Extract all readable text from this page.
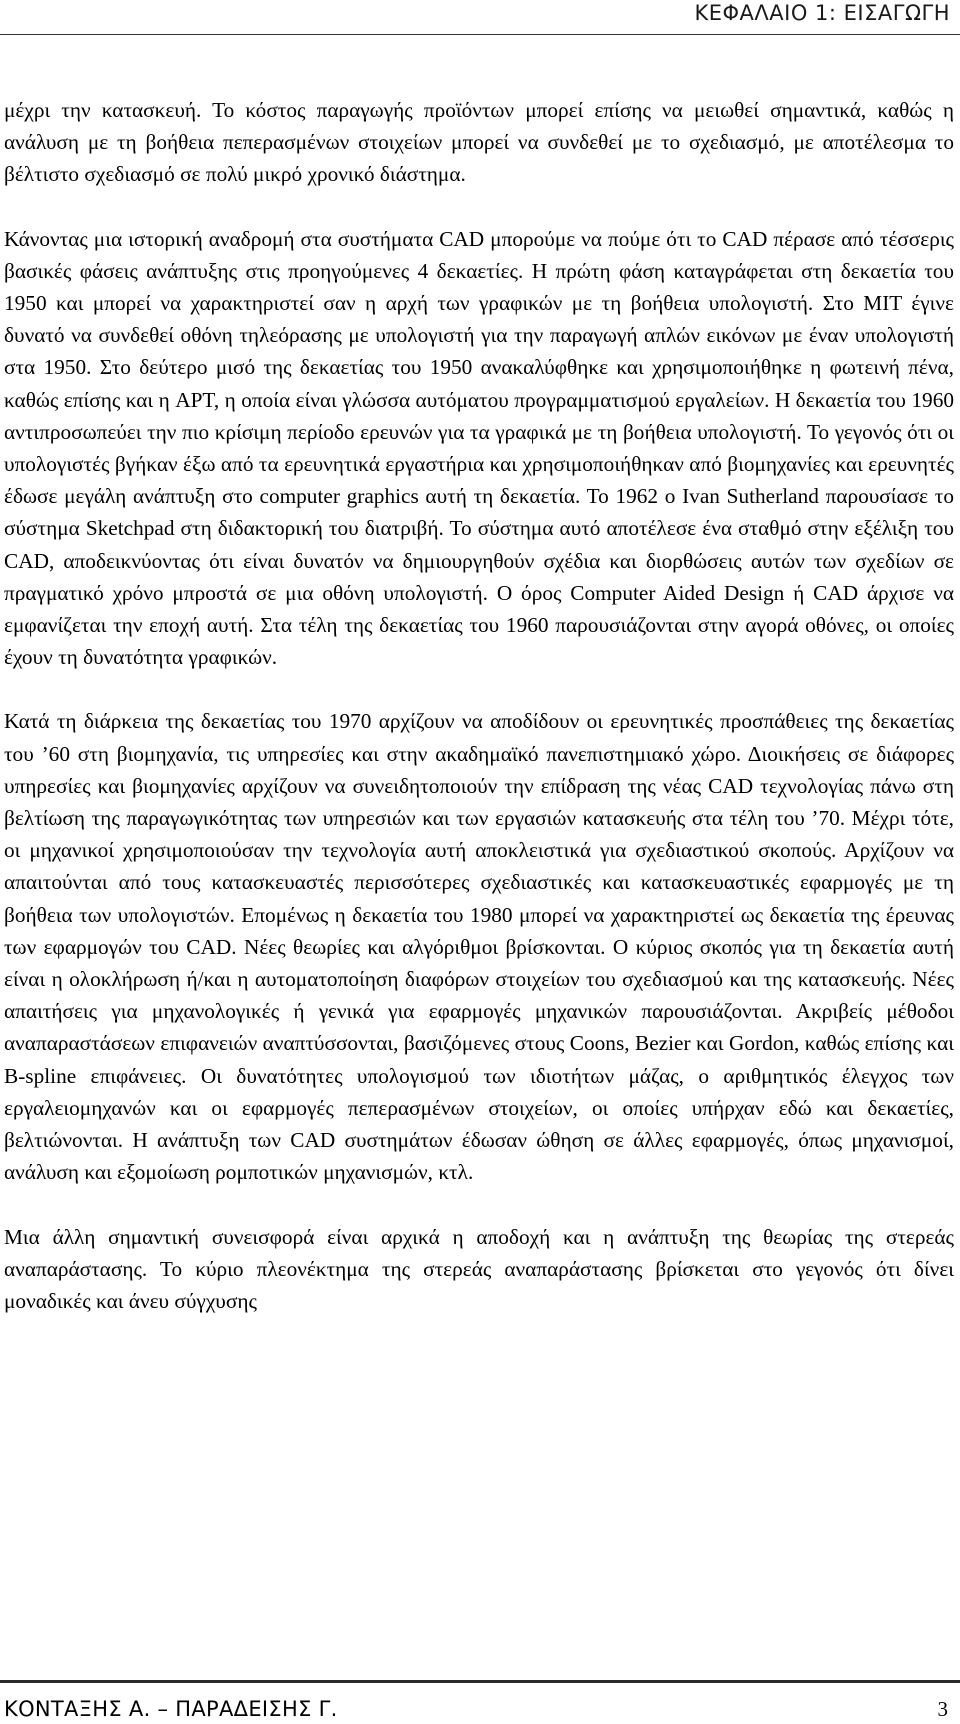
ΚΕΦΑΛΑΙΟ 1: ΕΙΣΑΓΩΓΗ

μέχρι την κατασκευή. Το κόστος παραγωγής προϊόντων μπορεί επίσης να μειωθεί σημαντικά, καθώς η ανάλυση με τη βοήθεια πεπερασμένων στοιχείων μπορεί να συνδεθεί με το σχεδιασμό, με αποτέλεσμα το βέλτιστο σχεδιασμό σε πολύ μικρό χρονικό διάστημα.

Κάνοντας μια ιστορική αναδρομή στα συστήματα CAD μπορούμε να πούμε ότι το CAD πέρασε από τέσσερις βασικές φάσεις ανάπτυξης στις προηγούμενες 4 δεκαετίες. Η πρώτη φάση καταγράφεται στη δεκαετία του 1950 και μπορεί να χαρακτηριστεί σαν η αρχή των γραφικών με τη βοήθεια υπολογιστή. Στο MIT έγινε δυνατό να συνδεθεί οθόνη τηλεόρασης με υπολογιστή για την παραγωγή απλών εικόνων με έναν υπολογιστή στα 1950. Στο δεύτερο μισό της δεκαετίας του 1950 ανακαλύφθηκε και χρησιμοποιήθηκε η φωτεινή πένα, καθώς επίσης και η APT, η οποία είναι γλώσσα αυτόματου προγραμματισμού εργαλείων. Η δεκαετία του 1960 αντιπροσωπεύει την πιο κρίσιμη περίοδο ερευνών για τα γραφικά με τη βοήθεια υπολογιστή. Το γεγονός ότι οι υπολογιστές βγήκαν έξω από τα ερευνητικά εργαστήρια και χρησιμοποιήθηκαν από βιομηχανίες και ερευνητές έδωσε μεγάλη ανάπτυξη στο computer graphics αυτή τη δεκαετία. Το 1962 ο Ivan Sutherland παρουσίασε το σύστημα Sketchpad στη διδακτορική του διατριβή. Το σύστημα αυτό αποτέλεσε ένα σταθμό στην εξέλιξη του CAD, αποδεικνύοντας ότι είναι δυνατόν να δημιουργηθούν σχέδια και διορθώσεις αυτών των σχεδίων σε πραγματικό χρόνο μπροστά σε μια οθόνη υπολογιστή. Ο όρος Computer Aided Design ή CAD άρχισε να εμφανίζεται την εποχή αυτή. Στα τέλη της δεκαετίας του 1960 παρουσιάζονται στην αγορά οθόνες, οι οποίες έχουν τη δυνατότητα γραφικών.

Κατά τη διάρκεια της δεκαετίας του 1970 αρχίζουν να αποδίδουν οι ερευνητικές προσπάθειες της δεκαετίας του ’60 στη βιομηχανία, τις υπηρεσίες και στην ακαδημαϊκό πανεπιστημιακό χώρο. Διοικήσεις σε διάφορες υπηρεσίες και βιομηχανίες αρχίζουν να συνειδητοποιούν την επίδραση της νέας CAD τεχνολογίας πάνω στη βελτίωση της παραγωγικότητας των υπηρεσιών και των εργασιών κατασκευής στα τέλη του ’70. Μέχρι τότε, οι μηχανικοί χρησιμοποιούσαν την τεχνολογία αυτή αποκλειστικά για σχεδιαστικού σκοπούς. Αρχίζουν να απαιτούνται από τους κατασκευαστές περισσότερες σχεδιαστικές και κατασκευαστικές εφαρμογές με τη βοήθεια των υπολογιστών. Επομένως η δεκαετία του 1980 μπορεί να χαρακτηριστεί ως δεκαετία της έρευνας των εφαρμογών του CAD. Νέες θεωρίες και αλγόριθμοι βρίσκονται. Ο κύριος σκοπός για τη δεκαετία αυτή είναι η ολοκλήρωση ή/και η αυτοματοποίηση διαφόρων στοιχείων του σχεδιασμού και της κατασκευής. Νέες απαιτήσεις για μηχανολογικές ή γενικά για εφαρμογές μηχανικών παρουσιάζονται. Ακριβείς μέθοδοι αναπαραστάσεων επιφανειών αναπτύσσονται, βασιζόμενες στους Coons, Bezier και Gordon, καθώς επίσης και B-spline επιφάνειες. Οι δυνατότητες υπολογισμού των ιδιοτήτων μάζας, ο αριθμητικός έλεγχος των εργαλειομηχανών και οι εφαρμογές πεπερασμένων στοιχείων, οι οποίες υπήρχαν εδώ και δεκαετίες, βελτιώνονται. Η ανάπτυξη των CAD συστημάτων έδωσαν ώθηση σε άλλες εφαρμογές, όπως μηχανισμοί, ανάλυση και εξομοίωση ρομποτικών μηχανισμών, κτλ.

Μια άλλη σημαντική συνεισφορά είναι αρχικά η αποδοχή και η ανάπτυξη της θεωρίας της στερεάς αναπαράστασης. Το κύριο πλεονέκτημα της στερεάς αναπαράστασης βρίσκεται στο γεγονός ότι δίνει μοναδικές και άνευ σύγχυσης

ΚΟΝΤΑΞΗΣ Α. – ΠΑΡΑΔΕΙΣΗΣ Γ.	3
